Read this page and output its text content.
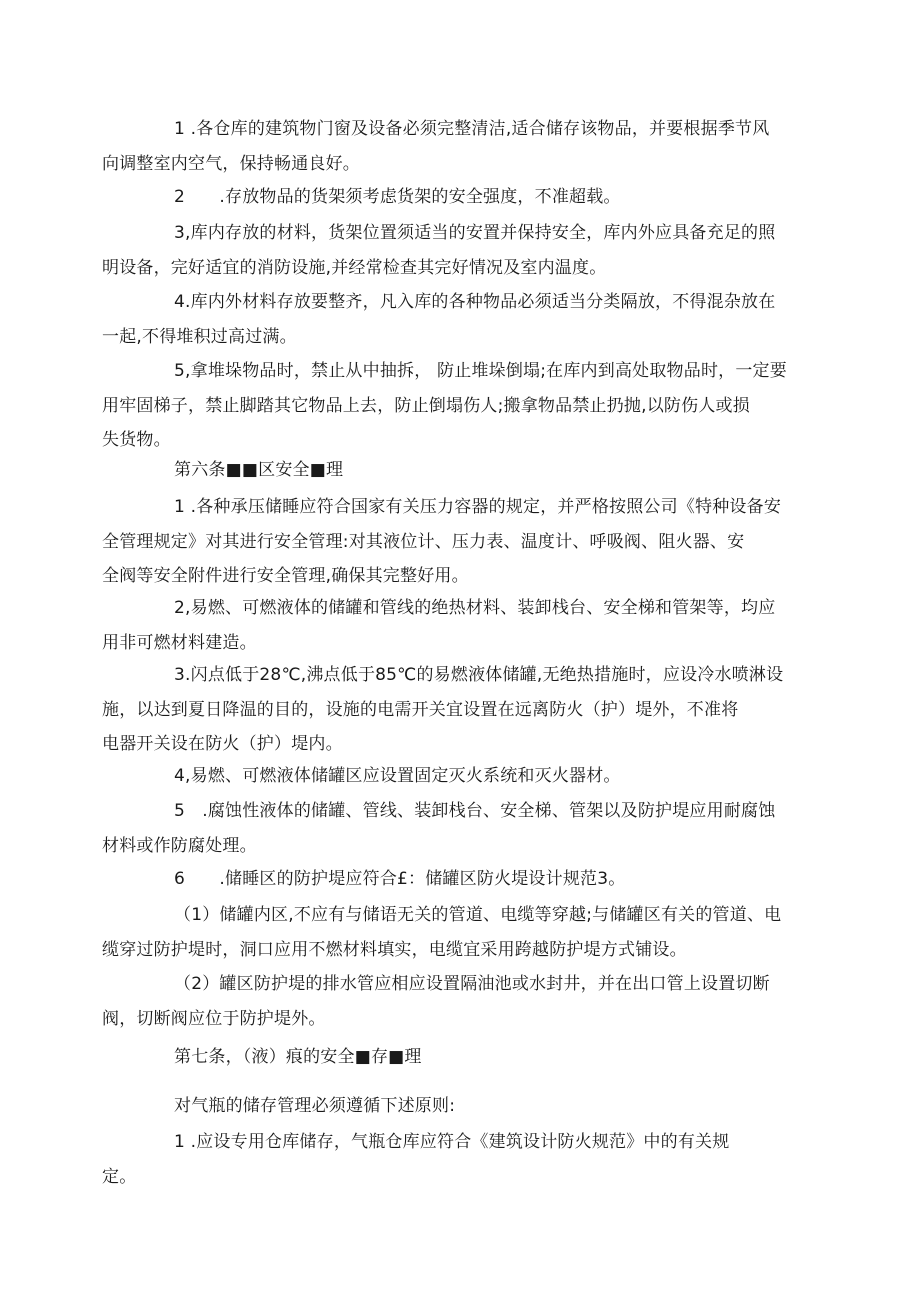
1 .各仓库的建筑物门窗及设备必须完整清洁,适合储存该物品，并要根据季节风
向调整室内空气，保持畅通良好。
2　　.存放物品的货架须考虑货架的安全强度，不准超载。
3,库内存放的材料，货架位置须适当的安置并保持安全，库内外应具备充足的照
明设备，完好适宜的消防设施,并经常检查其完好情况及室内温度。
4.库内外材料存放要整齐，凡入库的各种物品必须适当分类隔放，不得混杂放在
一起,不得堆积过高过满。
5,拿堆垛物品时，禁止从中抽拆， 防止堆垛倒塌;在库内到高处取物品时，一定要
用牢固梯子，禁止脚踏其它物品上去，防止倒塌伤人;搬拿物品禁止扔抛,以防伤人或损
失货物。
第六条■■区安全■理
1 .各种承压储睡应符合国家有关压力容器的规定，并严格按照公司《特种设备安
全管理规定》对其进行安全管理:对其液位计、压力表、温度计、呼吸阀、阻火器、安
全阀等安全附件进行安全管理,确保其完整好用。
2,易燃、可燃液体的储罐和管线的绝热材料、装卸栈台、安全梯和管架等，均应
用非可燃材料建造。
3.闪点低于28℃,沸点低于85℃的易燃液体储罐,无绝热措施时，应设冷水喷淋设
施，以达到夏日降温的目的，设施的电需开关宜设置在远离防火（护）堤外，不准将
电器开关设在防火（护）堤内。
4,易燃、可燃液体储罐区应设置固定灭火系统和灭火器材。
5　.腐蚀性液体的储罐、管线、装卸栈台、安全梯、管架以及防护堤应用耐腐蚀
材料或作防腐处理。
6　　.储睡区的防护堤应符合£：储罐区防火堤设计规范3。
（1）储罐内区,不应有与储语无关的管道、电缆等穿越;与储罐区有关的管道、电
缆穿过防护堤时，洞口应用不燃材料填实，电缆宜采用跨越防护堤方式铺设。
（2）罐区防护堤的排水管应相应设置隔油池或水封井，并在出口管上设置切断
阀，切断阀应位于防护堤外。
第七条，（液）痕的安全■存■理
对气瓶的储存管理必须遵循下述原则:
1 .应设专用仓库储存，气瓶仓库应符合《建筑设计防火规范》中的有关规
定。
